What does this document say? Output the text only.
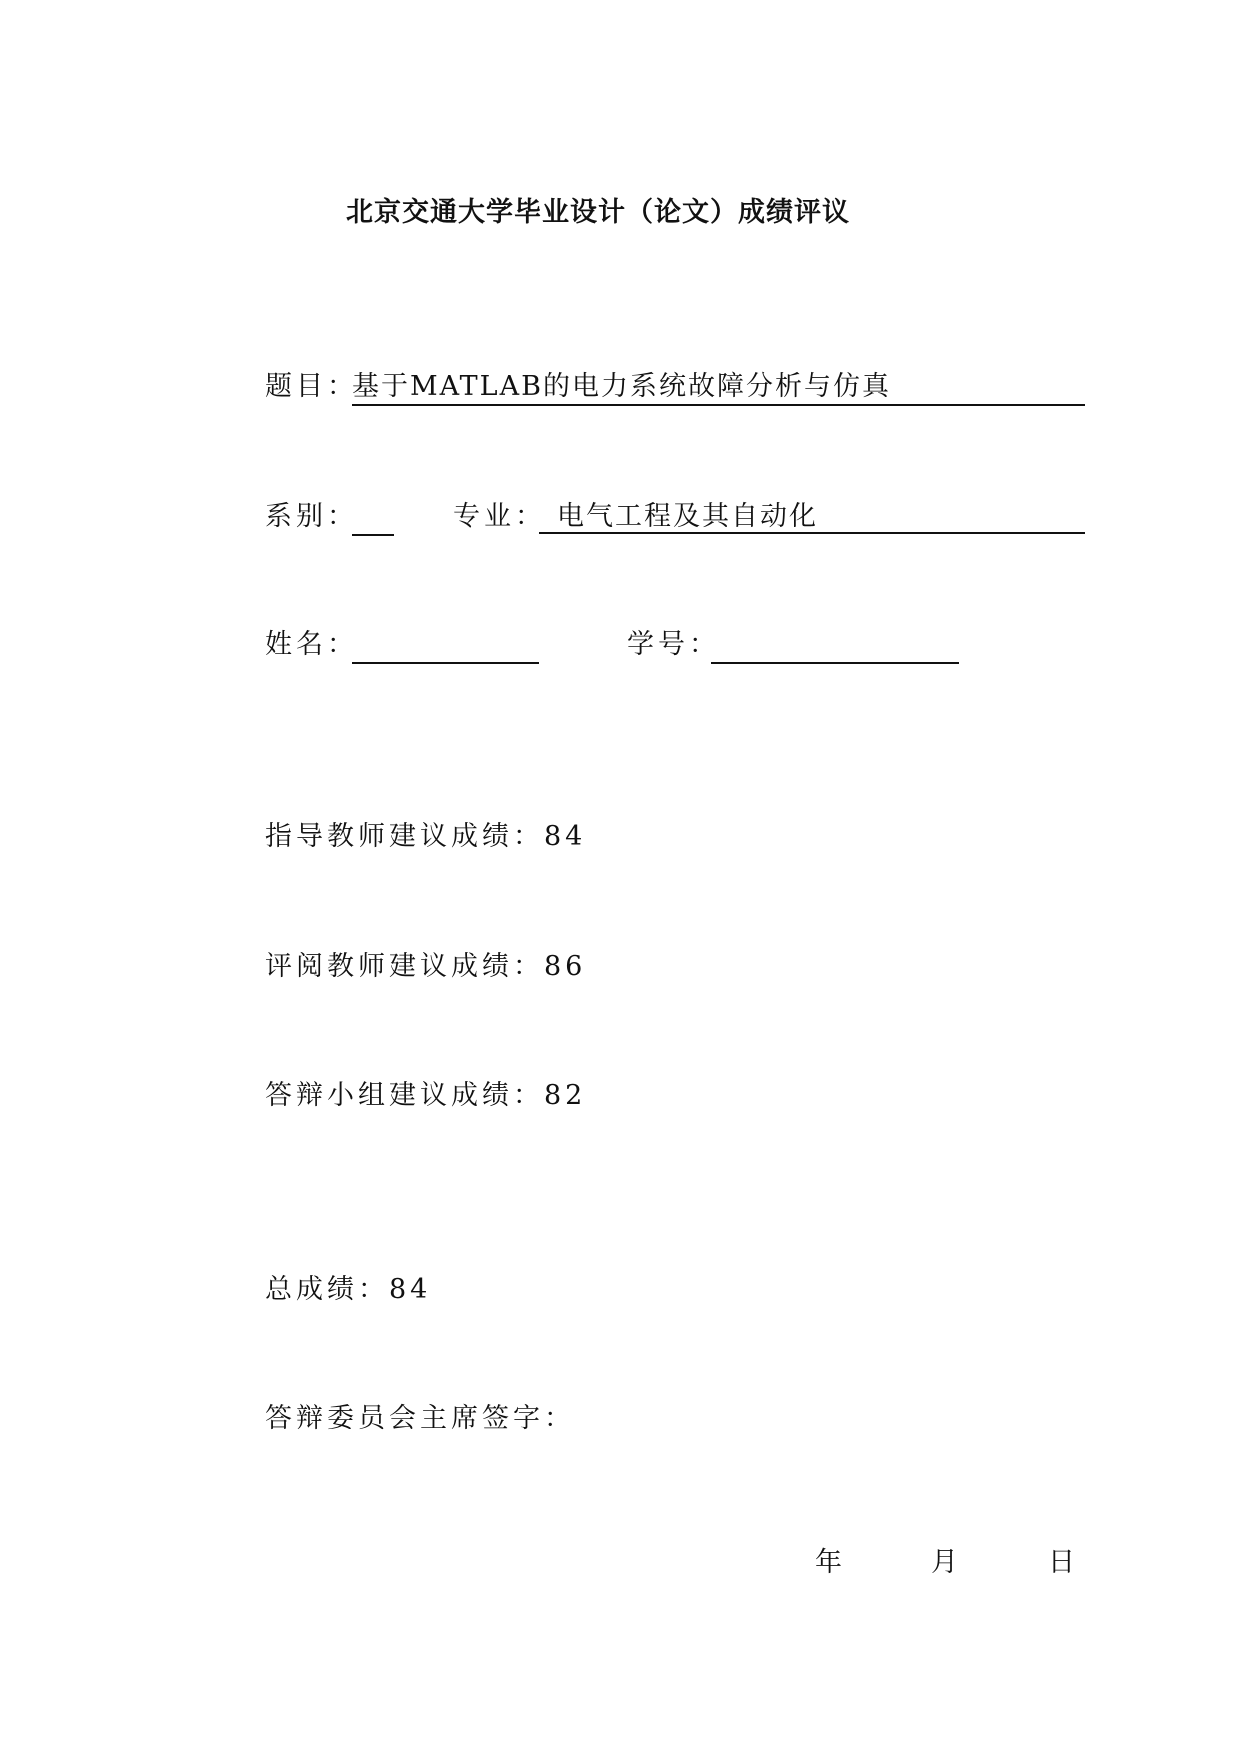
北京交通大学毕业设计（论文）成绩评议
题目：
基于MATLAB的电力系统故障分析与仿真
系别：	专业： 电气工程及其自动化
姓名：	学号：
指导教师建议成绩：84
评阅教师建议成绩：86
答辩小组建议成绩：82
总成绩：84
答辩委员会主席签字：
年	月	日
